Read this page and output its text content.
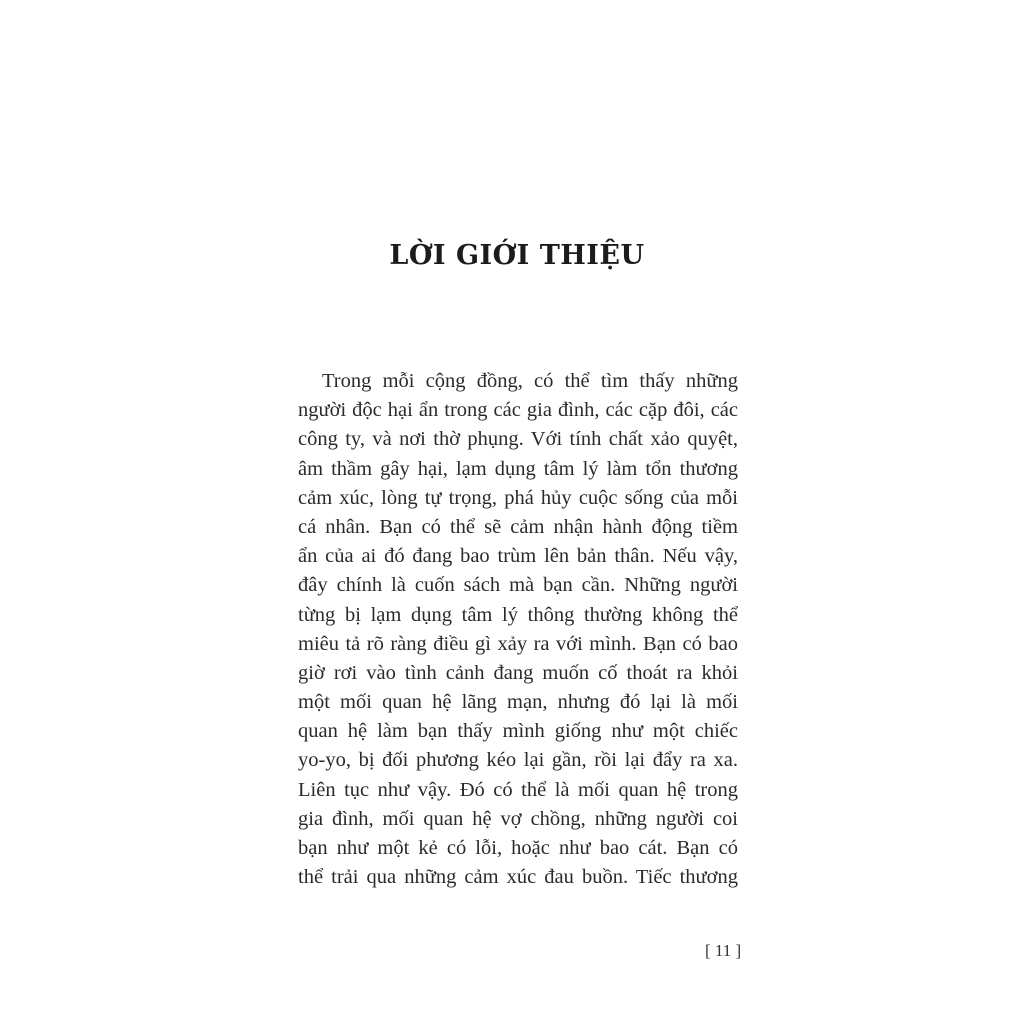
LỜI GIỚI THIỆU
Trong mỗi cộng đồng, có thể tìm thấy những
người độc hại ẩn trong các gia đình, các cặp đôi, các
công ty, và nơi thờ phụng. Với tính chất xảo quyệt,
âm thầm gây hại, lạm dụng tâm lý làm tổn thương
cảm xúc, lòng tự trọng, phá hủy cuộc sống của mỗi
cá nhân. Bạn có thể sẽ cảm nhận hành động tiềm
ẩn của ai đó đang bao trùm lên bản thân. Nếu vậy,
đây chính là cuốn sách mà bạn cần. Những người
từng bị lạm dụng tâm lý thông thường không thể
miêu tả rõ ràng điều gì xảy ra với mình. Bạn có bao
giờ rơi vào tình cảnh đang muốn cố thoát ra khỏi
một mối quan hệ lãng mạn, nhưng đó lại là mối
quan hệ làm bạn thấy mình giống như một chiếc
yo-yo, bị đối phương kéo lại gần, rồi lại đẩy ra xa.
Liên tục như vậy. Đó có thể là mối quan hệ trong
gia đình, mối quan hệ vợ chồng, những người coi
bạn như một kẻ có lỗi, hoặc như bao cát. Bạn có
thể trải qua những cảm xúc đau buồn. Tiếc thương

[ 11 ]
